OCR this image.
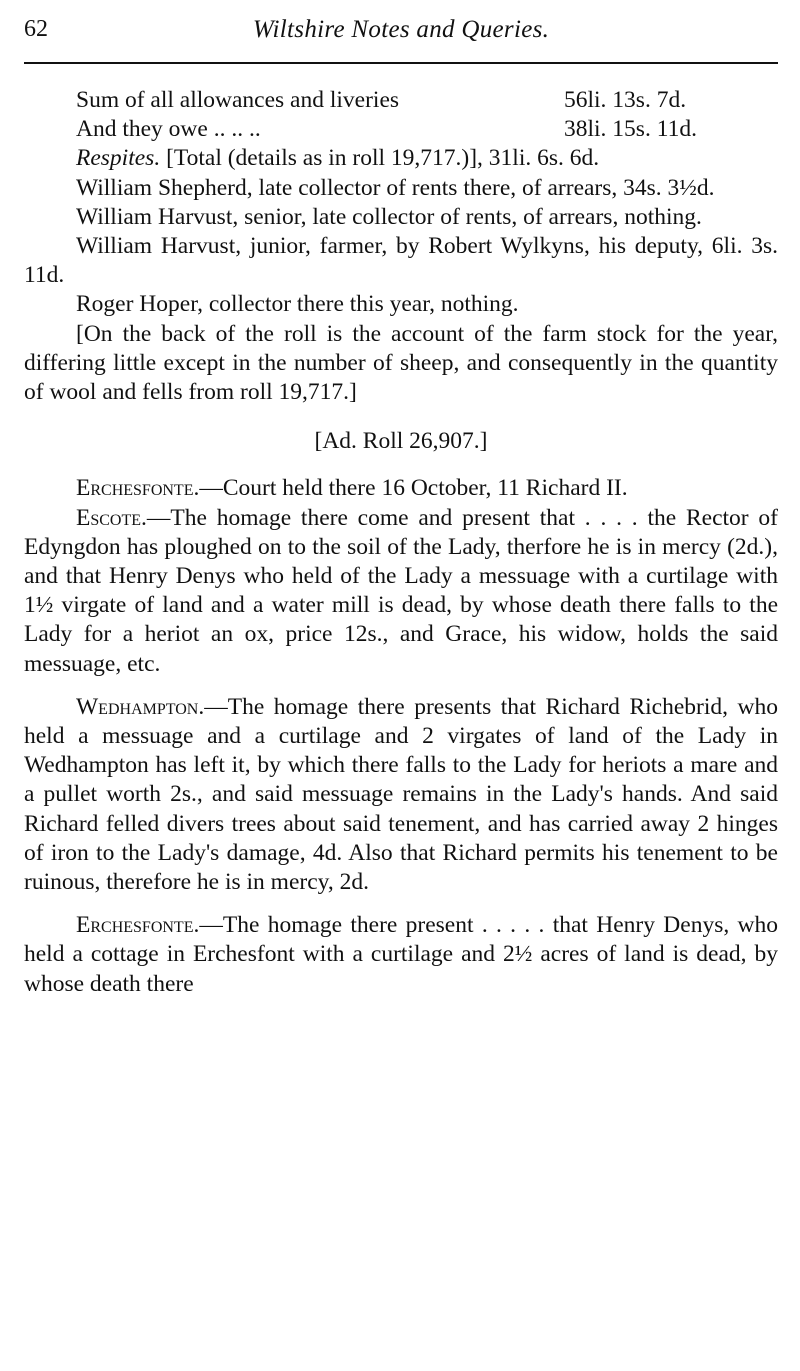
62	Wiltshire Notes and Queries.
Sum of all allowances and liveries	56li. 13s. 7d.
And they owe .. .. ..	38li. 15s. 11d.
Respites. [Total (details as in roll 19,717.)], 31li. 6s. 6d.

William Shepherd, late collector of rents there, of arrears, 34s. 3½d.

William Harvust, senior, late collector of rents, of arrears, nothing.

William Harvust, junior, farmer, by Robert Wylkyns, his deputy, 6li. 3s. 11d.

Roger Hoper, collector there this year, nothing.

[On the back of the roll is the account of the farm stock for the year, differing little except in the number of sheep, and consequently in the quantity of wool and fells from roll 19,717.]

[Ad. Roll 26,907.]

Erchesfonte.—Court held there 16 October, 11 Richard II.

Escote.—The homage there come and present that . . . . the Rector of Edyngdon has ploughed on to the soil of the Lady, therfore he is in mercy (2d.), and that Henry Denys who held of the Lady a messuage with a curtilage with 1½ virgate of land and a water mill is dead, by whose death there falls to the Lady for a heriot an ox, price 12s., and Grace, his widow, holds the said messuage, etc.

Wedhampton.—The homage there presents that Richard Richebrid, who held a messuage and a curtilage and 2 virgates of land of the Lady in Wedhampton has left it, by which there falls to the Lady for heriots a mare and a pullet worth 2s., and said messuage remains in the Lady's hands. And said Richard felled divers trees about said tenement, and has carried away 2 hinges of iron to the Lady's damage, 4d. Also that Richard permits his tenement to be ruinous, therefore he is in mercy, 2d.

Erchesfonte.—The homage there present . . . . . that Henry Denys, who held a cottage in Erchesfont with a curtilage and 2½ acres of land is dead, by whose death there
